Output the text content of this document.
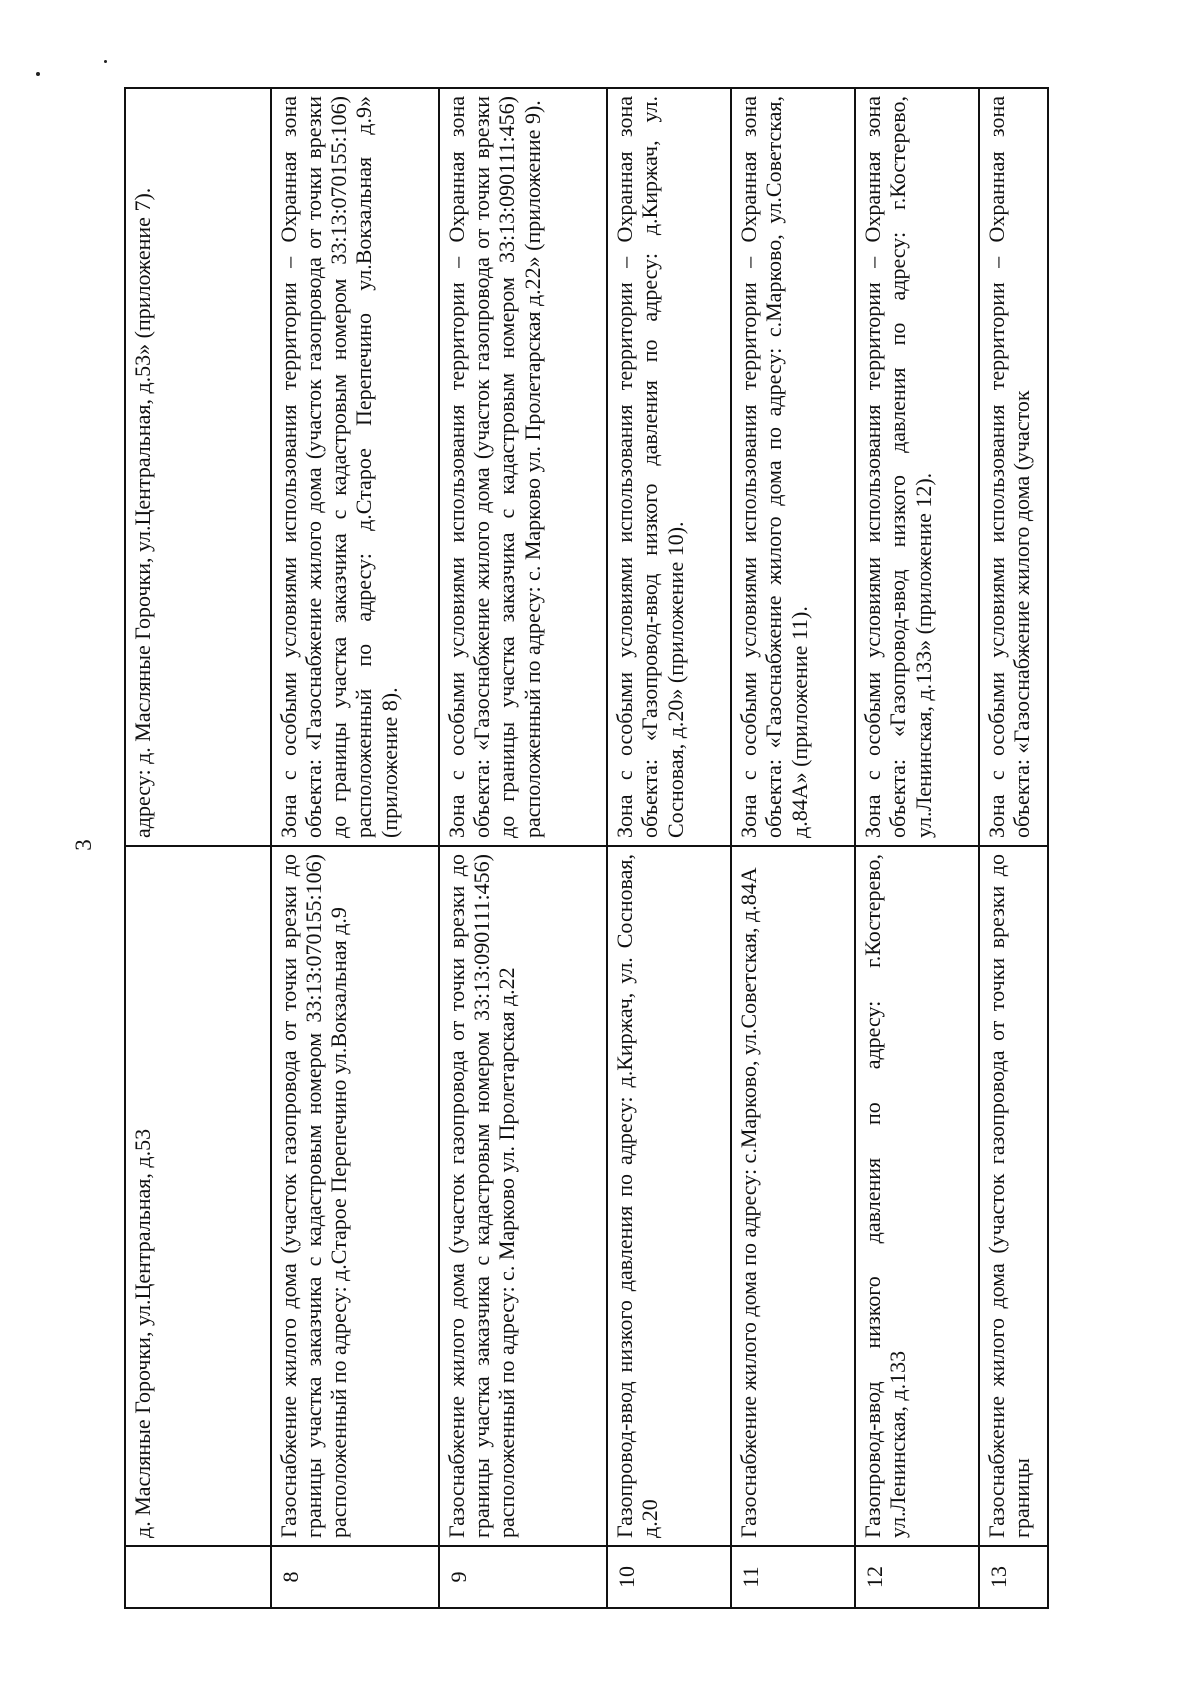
3
	д. Масляные Горочки, ул.Центральная, д.53	адресу: д. Масляные Горочки, ул.Центральная, д.53» (приложение 7).
8	Газоснабжение жилого дома (участок газопровода от точки врезки до границы участка заказчика с кадастровым номером 33:13:070155:106) расположенный по адресу: д.Старое Перепечино ул.Вокзальная д.9	Зона с особыми условиями использования территории – Охранная зона объекта: «Газоснабжение жилого дома (участок газопровода от точки врезки до границы участка заказчика с кадастровым номером 33:13:070155:106) расположенный по адресу: д.Старое Перепечино ул.Вокзальная д.9» (приложение 8).
9	Газоснабжение жилого дома (участок газопровода от точки врезки до границы участка заказчика с кадастровым номером 33:13:090111:456) расположенный по адресу: с. Марково ул. Пролетарская д.22	Зона с особыми условиями использования территории – Охранная зона объекта: «Газоснабжение жилого дома (участок газопровода от точки врезки до границы участка заказчика с кадастровым номером 33:13:090111:456) расположенный по адресу: с. Марково ул. Пролетарская д.22» (приложение 9).
10	Газопровод-ввод низкого давления по адресу: д.Киржач, ул. Сосновая, д.20	Зона с особыми условиями использования территории – Охранная зона объекта: «Газопровод-ввод низкого давления по адресу: д.Киржач, ул. Сосновая, д.20» (приложение 10).
11	Газоснабжение жилого дома по адресу: с.Марково, ул.Советская, д.84А	Зона с особыми условиями использования территории – Охранная зона объекта: «Газоснабжение жилого дома по адресу: с.Марково, ул.Советская, д.84А» (приложение 11).
12	Газопровод-ввод низкого давления по адресу: г.Костерево, ул.Ленинская, д.133	Зона с особыми условиями использования территории – Охранная зона объекта: «Газопровод-ввод низкого давления по адресу: г.Костерево, ул.Ленинская, д.133» (приложение 12).
13	Газоснабжение жилого дома (участок газопровода от точки врезки до границы	Зона с особыми условиями использования территории – Охранная зона объекта: «Газоснабжение жилого дома (участок
